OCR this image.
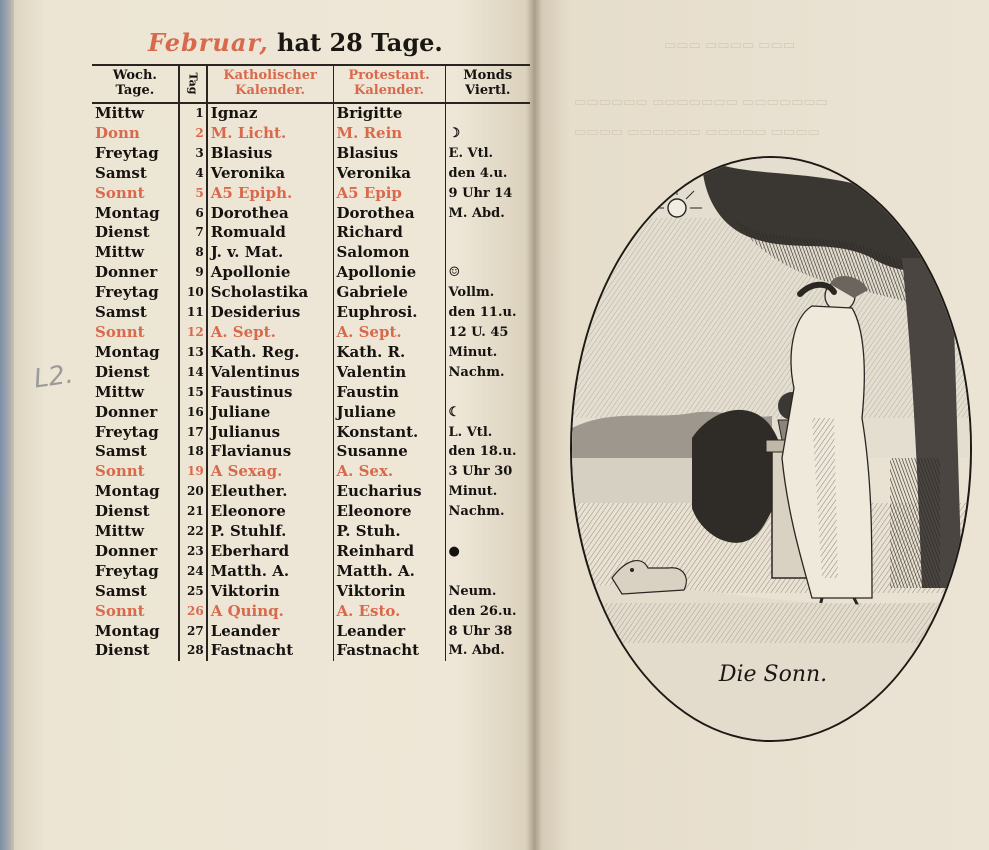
Februar, hat 28 Tage.
L2.
Woch. Tage.	Tag	Katholischer Kalender.	Protestant. Kalender.	Monds Viertl.
Mittw	1	Ignaz	Brigitte	
Donn	2	M. Licht.	M. Rein	☽
Freytag	3	Blasius	Blasius	E. Vtl.
Samst	4	Veronika	Veronika	den 4.u.
Sonnt	5	A5 Epiph.	A5 Epip	9 Uhr 14
Montag	6	Dorothea	Dorothea	M. Abd.
Dienst	7	Romuald	Richard	
Mittw	8	J. v. Mat.	Salomon	
Donner	9	Apollonie	Apollonie	☺
Freytag	10	Scholastika	Gabriele	Vollm.
Samst	11	Desiderius	Euphrosi.	den 11.u.
Sonnt	12	A. Sept.	A. Sept.	12 U. 45
Montag	13	Kath. Reg.	Kath. R.	Minut.
Dienst	14	Valentinus	Valentin	Nachm.
Mittw	15	Faustinus	Faustin	
Donner	16	Juliane	Juliane	☾
Freytag	17	Julianus	Konstant.	L. Vtl.
Samst	18	Flavianus	Susanne	den 18.u.
Sonnt	19	A Sexag.	A. Sex.	3 Uhr 30
Montag	20	Eleuther.	Eucharius	Minut.
Dienst	21	Eleonore	Eleonore	Nachm.
Mittw	22	P. Stuhlf.	P. Stuh.	
Donner	23	Eberhard	Reinhard	●
Freytag	24	Matth. A.	Matth. A.	
Samst	25	Viktorin	Viktorin	Neum.
Sonnt	26	A Quinq.	A. Esto.	den 26.u.
Montag	27	Leander	Leander	8 Uhr 38
Dienst	28	Fastnacht	Fastnacht	M. Abd.
▭▭▭ ▭▭▭▭ ▭▭▭
▭▭▭▭▭▭ ▭▭▭▭▭▭▭ ▭▭▭▭▭▭▭
▭▭▭▭ ▭▭▭▭▭▭ ▭▭▭▭▭ ▭▭▭▭
Die Sonn.
